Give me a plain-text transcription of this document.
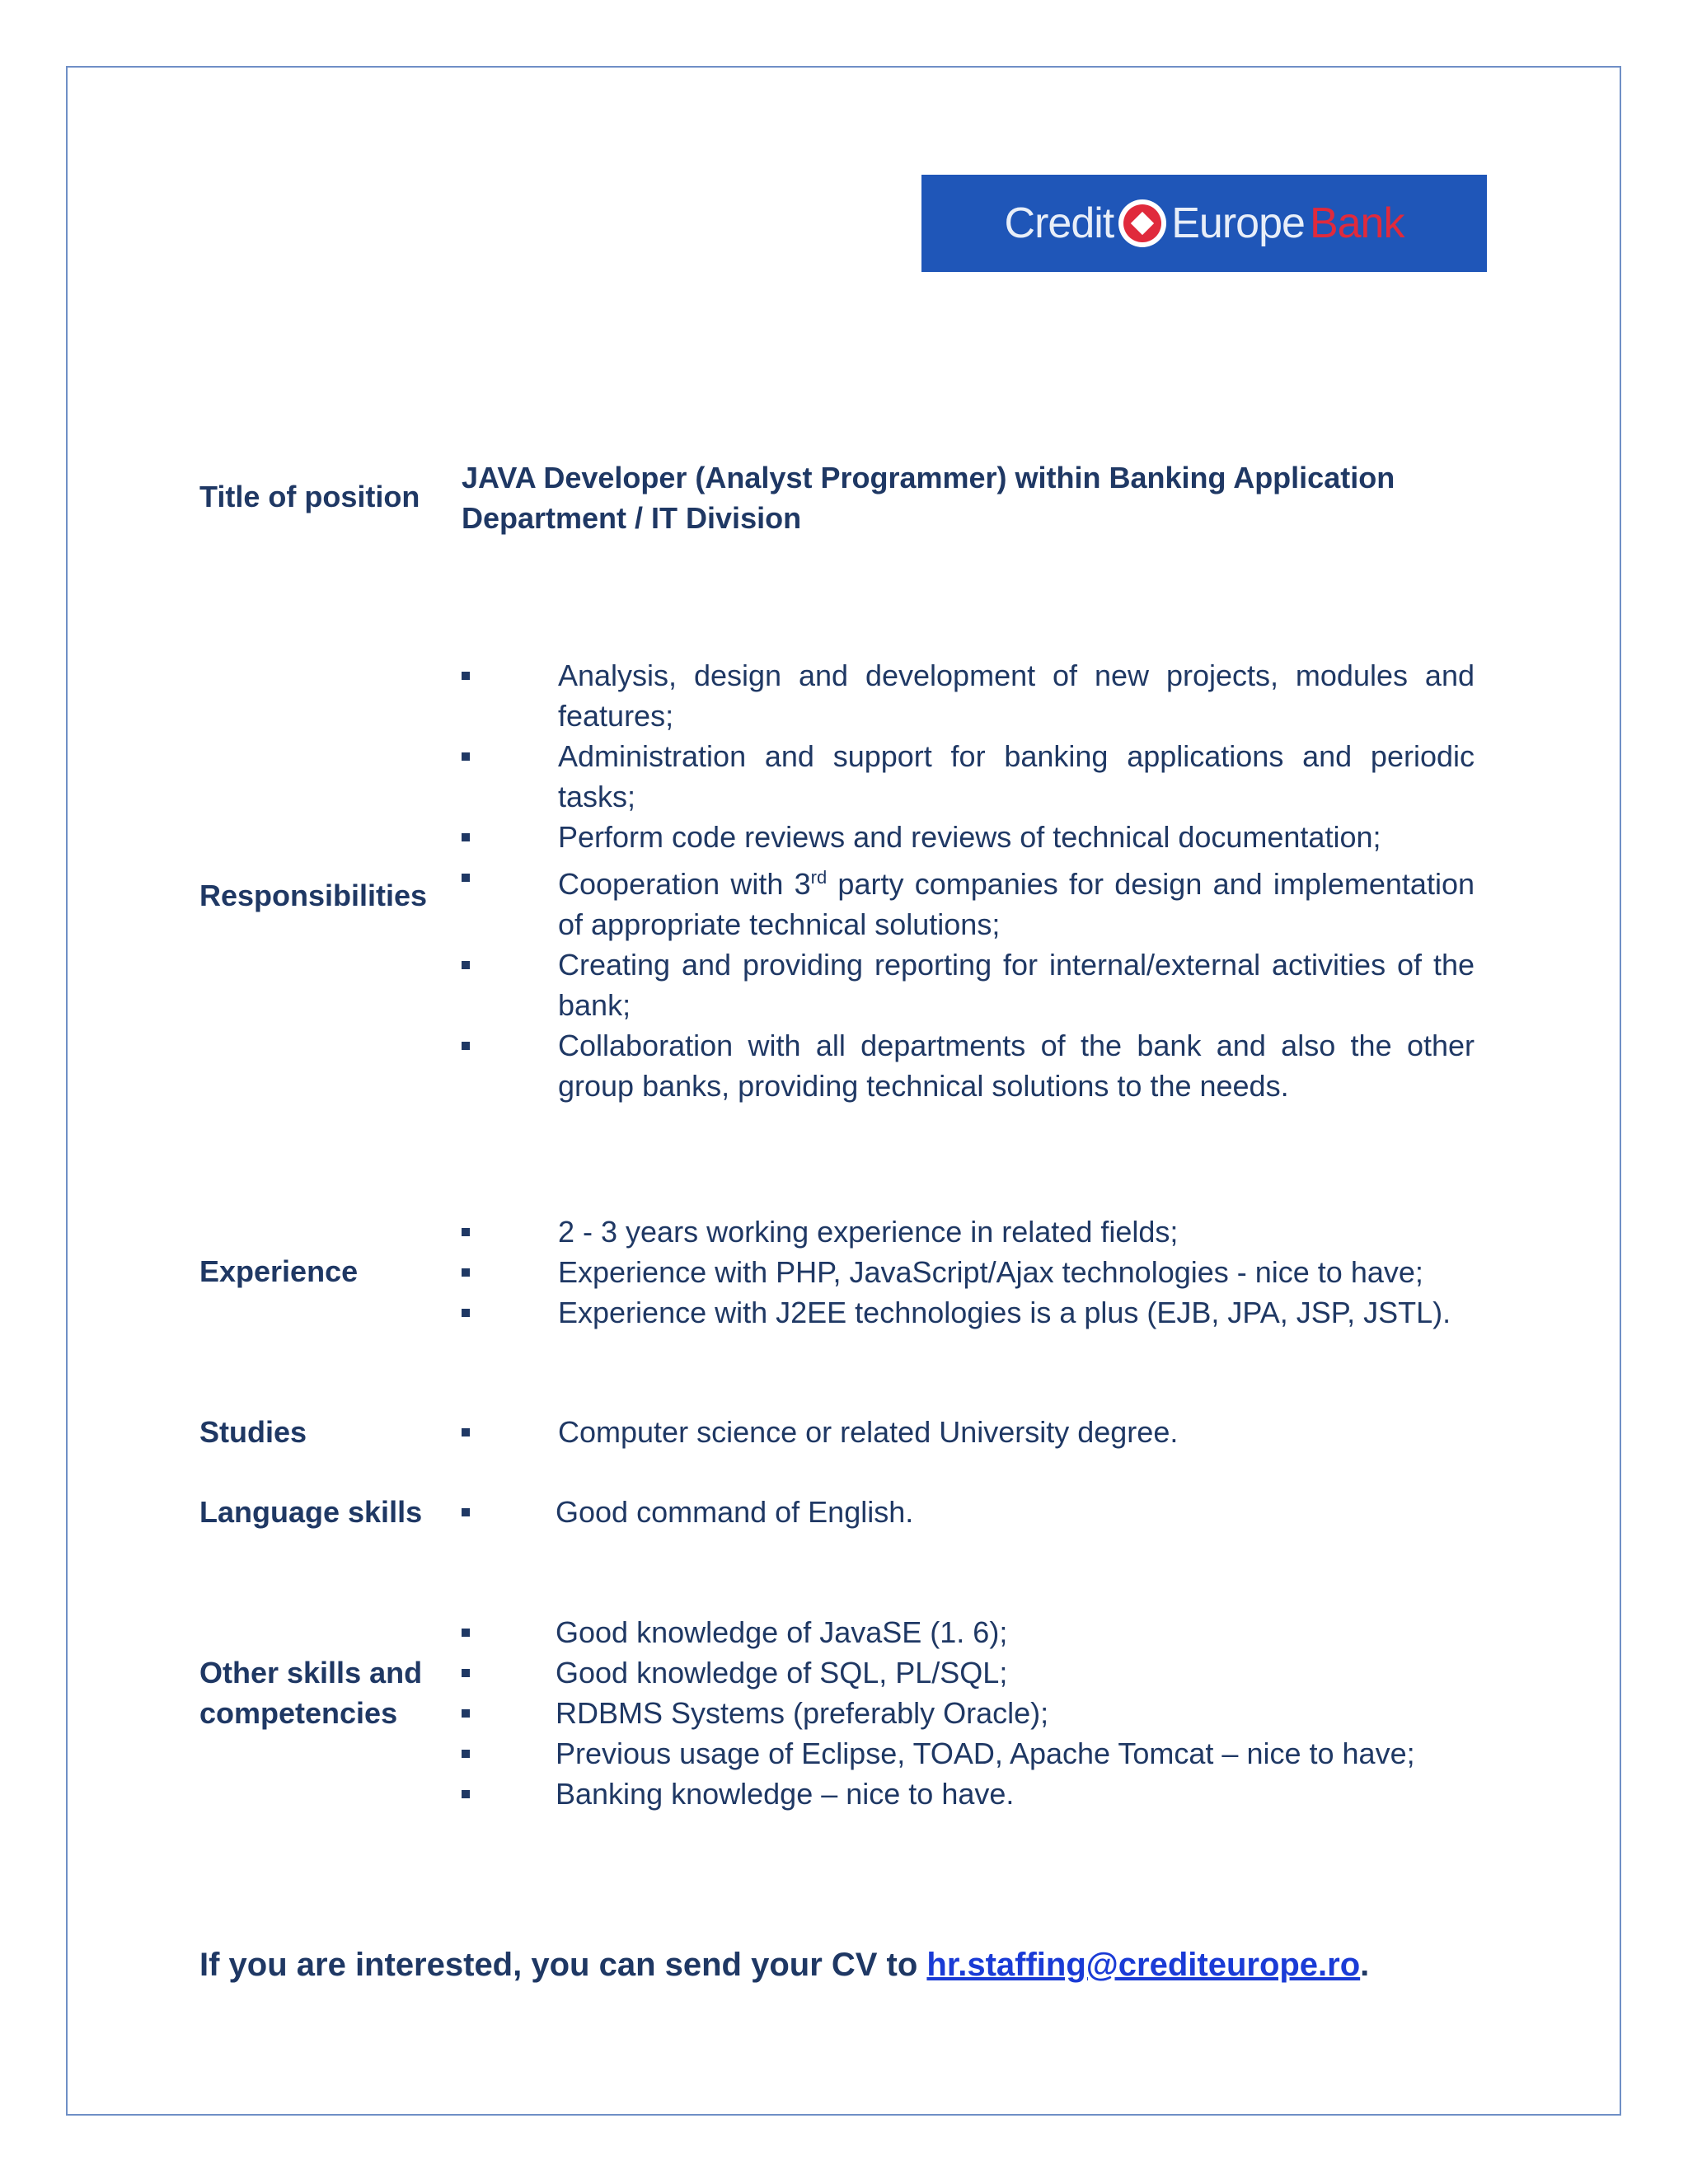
Credit Europe Bank
Title of position
JAVA Developer (Analyst Programmer) within Banking Application Department / IT Division
Responsibilities
Analysis, design and development of new projects, modules and features;
Administration and support for banking applications and periodic tasks;
Perform code reviews and reviews of technical documentation;
Cooperation with 3rd party companies for design and implementation of appropriate technical solutions;
Creating and providing reporting for internal/external activities of the bank;
Collaboration with all departments of the bank and also the other group banks, providing technical solutions to the needs.
Experience
2 - 3 years working experience in related fields;
Experience with PHP, JavaScript/Ajax technologies - nice to have;
Experience with J2EE technologies is a plus (EJB, JPA, JSP, JSTL).
Studies	Computer science or related University degree.
Language skills	Good command of English.
Other skills and
competencies
Good knowledge of JavaSE (1. 6);
Good knowledge of SQL, PL/SQL;
RDBMS Systems (preferably Oracle);
Previous usage of Eclipse, TOAD, Apache Tomcat – nice to have;
Banking knowledge – nice to have.
If you are interested, you can send your CV to hr.staffing@crediteurope.ro.
